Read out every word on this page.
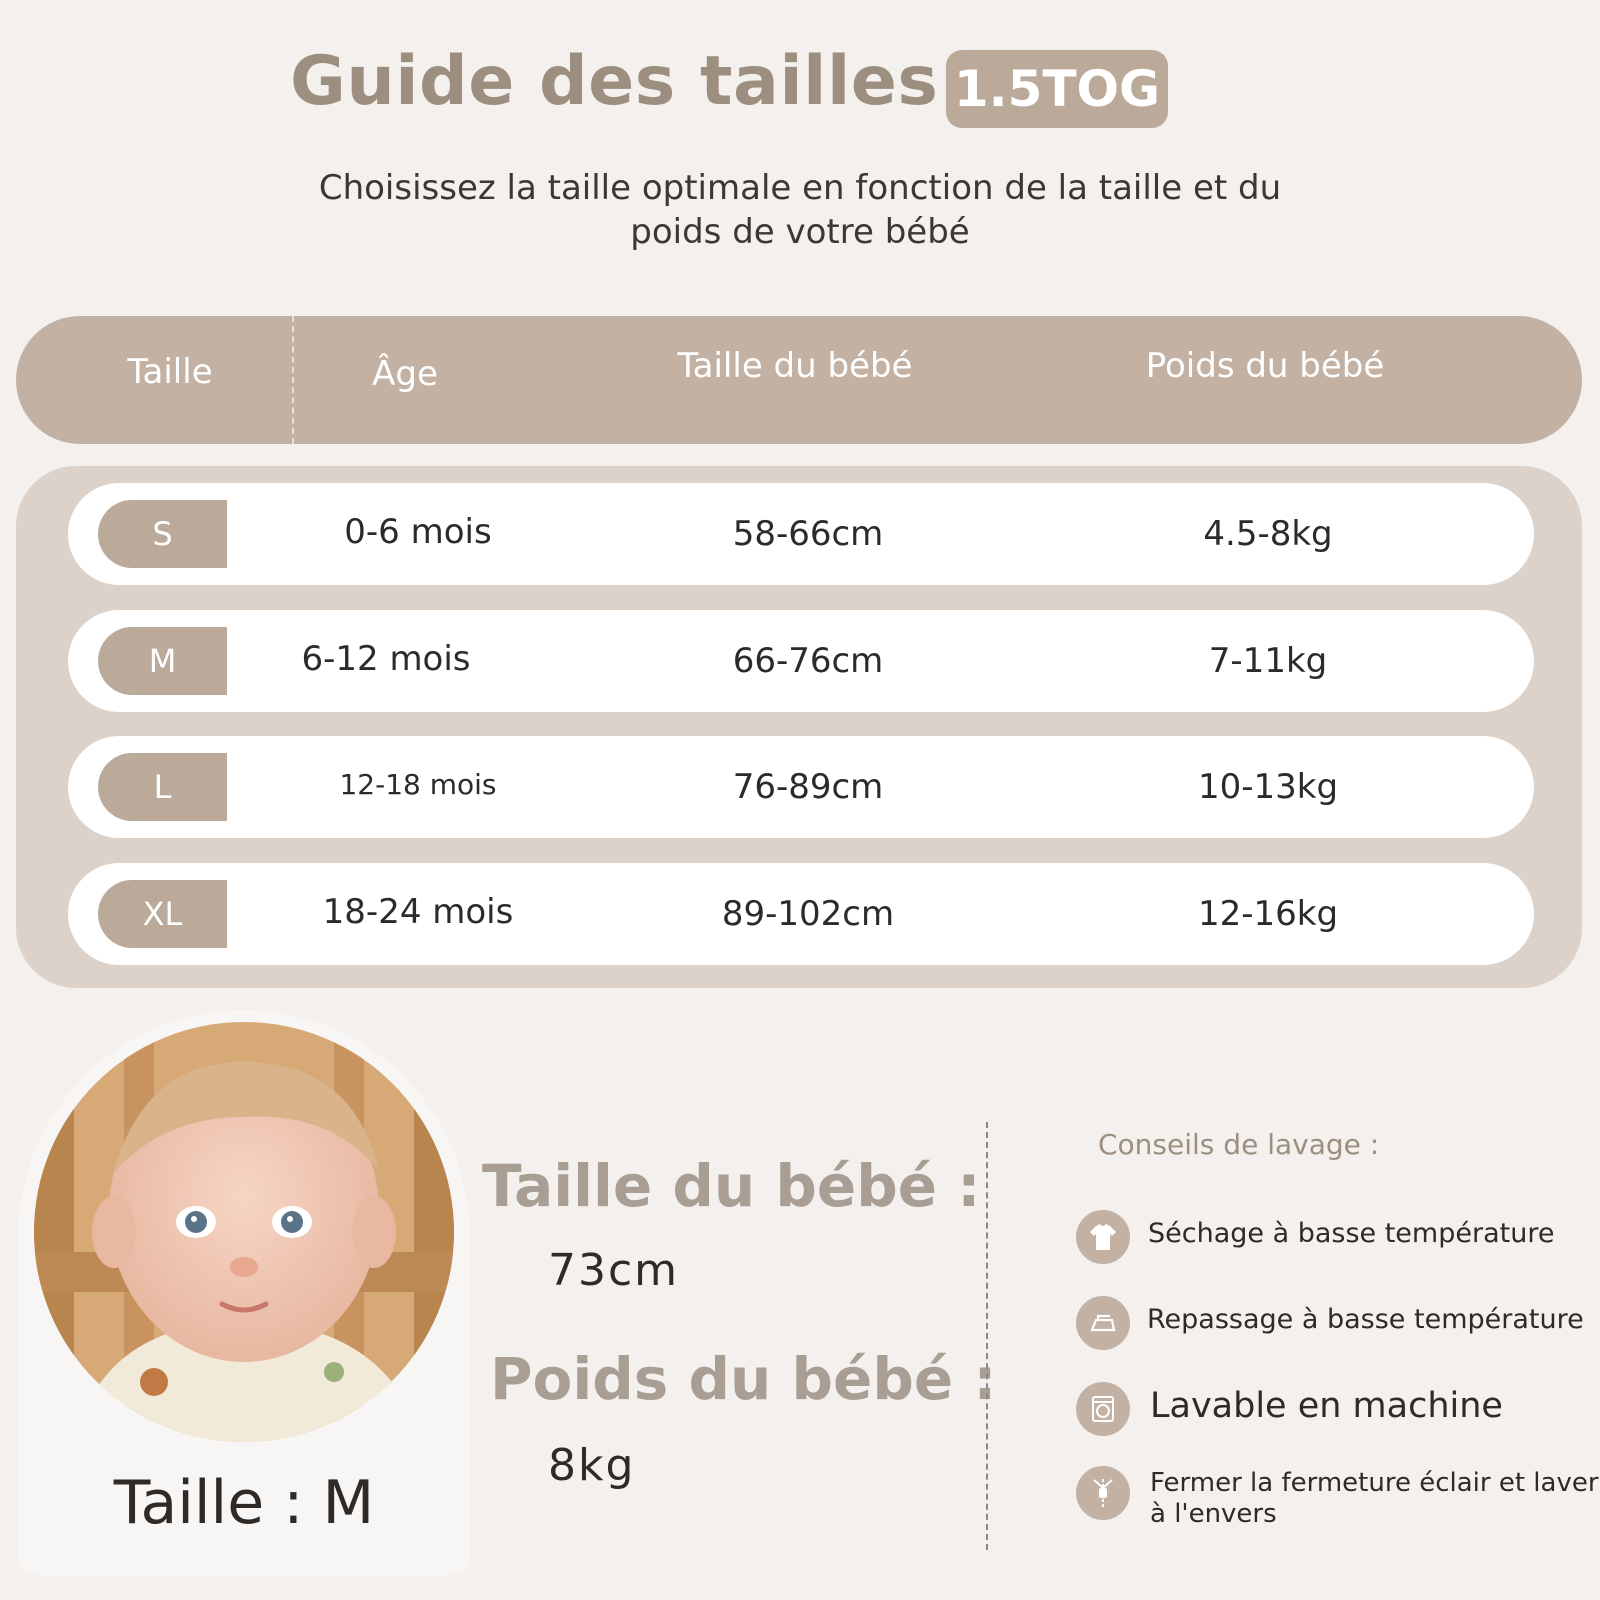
Guide des tailles 1.5TOG
Choisissez la taille optimale en fonction de la taille et du
poids de votre bébé
Taille	Âge	Taille du bébé	Poids du bébé
S	0-6 mois	58-66cm	4.5-8kg
M	6-12 mois	66-76cm	7-11kg
L	12-18 mois	76-89cm	10-13kg
XL	18-24 mois	89-102cm	12-16kg
Taille : M
Taille du bébé :
73cm
Poids du bébé :
8kg
Conseils de lavage :
Séchage à basse température
Repassage à basse température
Lavable en machine
Fermer la fermeture éclair et laver
à l'envers
